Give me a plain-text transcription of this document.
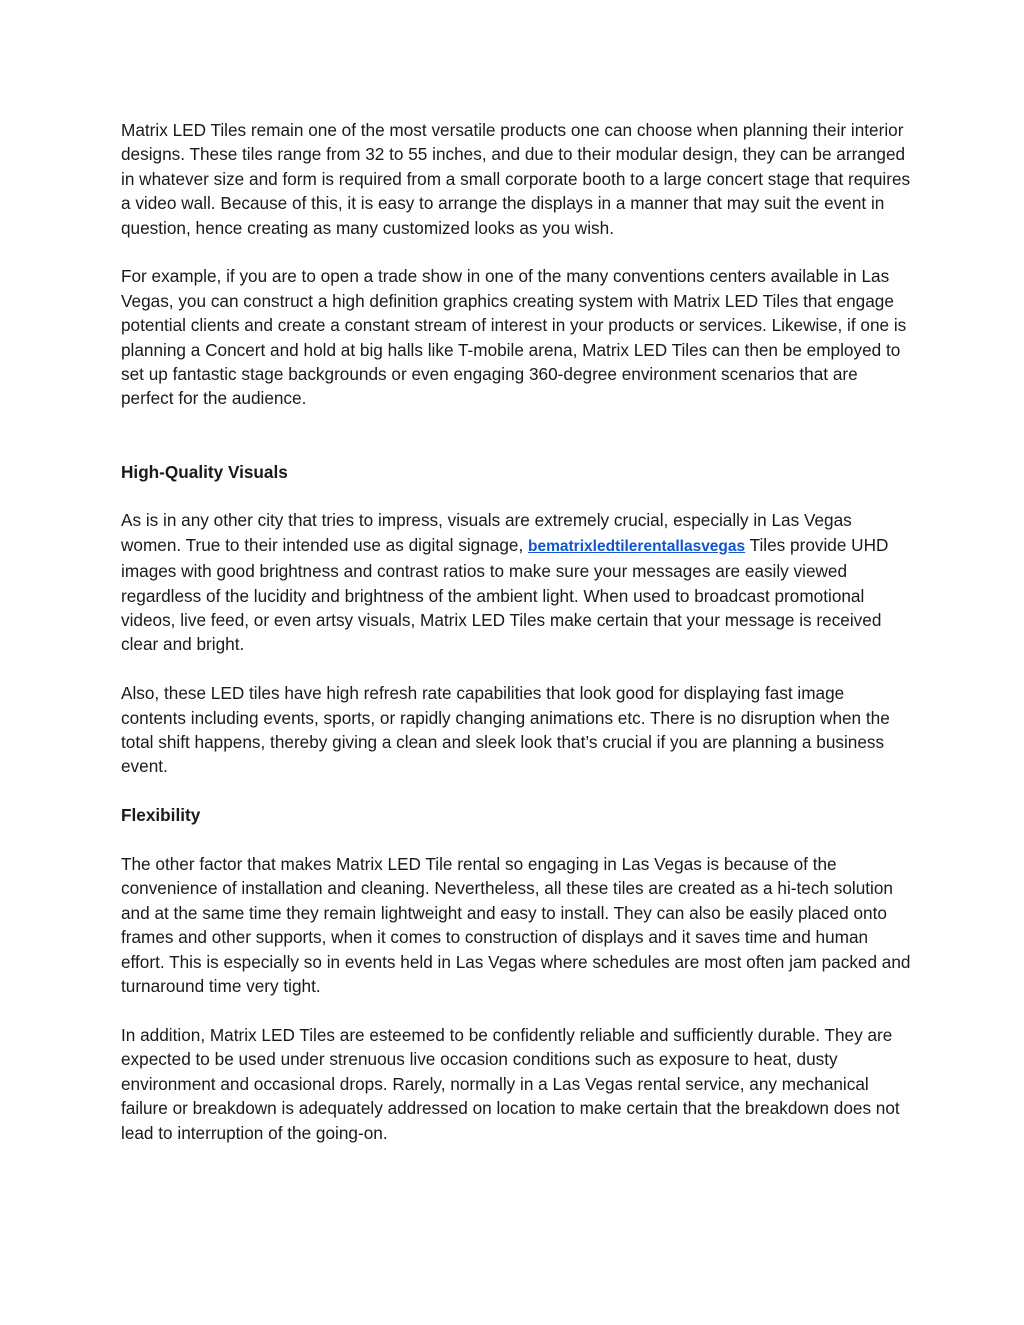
Matrix LED Tiles remain one of the most versatile products one can choose when planning their interior designs. These tiles range from 32 to 55 inches, and due to their modular design, they can be arranged in whatever size and form is required from a small corporate booth to a large concert stage that requires a video wall. Because of this, it is easy to arrange the displays in a manner that may suit the event in question, hence creating as many customized looks as you wish.

For example, if you are to open a trade show in one of the many conventions centers available in Las Vegas, you can construct a high definition graphics creating system with Matrix LED Tiles that engage potential clients and create a constant stream of interest in your products or services. Likewise, if one is planning a Concert and hold at big halls like T-mobile arena, Matrix LED Tiles can then be employed to set up fantastic stage backgrounds or even engaging 360-degree environment scenarios that are perfect for the audience.

High-Quality Visuals

As is in any other city that tries to impress, visuals are extremely crucial, especially in Las Vegas women. True to their intended use as digital signage, bematrixledtilerentallasvegas Tiles provide UHD images with good brightness and contrast ratios to make sure your messages are easily viewed regardless of the lucidity and brightness of the ambient light. When used to broadcast promotional videos, live feed, or even artsy visuals, Matrix LED Tiles make certain that your message is received clear and bright.

Also, these LED tiles have high refresh rate capabilities that look good for displaying fast image contents including events, sports, or rapidly changing animations etc. There is no disruption when the total shift happens, thereby giving a clean and sleek look that’s crucial if you are planning a business event.

Flexibility

The other factor that makes Matrix LED Tile rental so engaging in Las Vegas is because of the convenience of installation and cleaning. Nevertheless, all these tiles are created as a hi-tech solution and at the same time they remain lightweight and easy to install. They can also be easily placed onto frames and other supports, when it comes to construction of displays and it saves time and human effort. This is especially so in events held in Las Vegas where schedules are most often jam packed and turnaround time very tight.

In addition, Matrix LED Tiles are esteemed to be confidently reliable and sufficiently durable. They are expected to be used under strenuous live occasion conditions such as exposure to heat, dusty environment and occasional drops. Rarely, normally in a Las Vegas rental service, any mechanical failure or breakdown is adequately addressed on location to make certain that the breakdown does not lead to interruption of the going-on.
